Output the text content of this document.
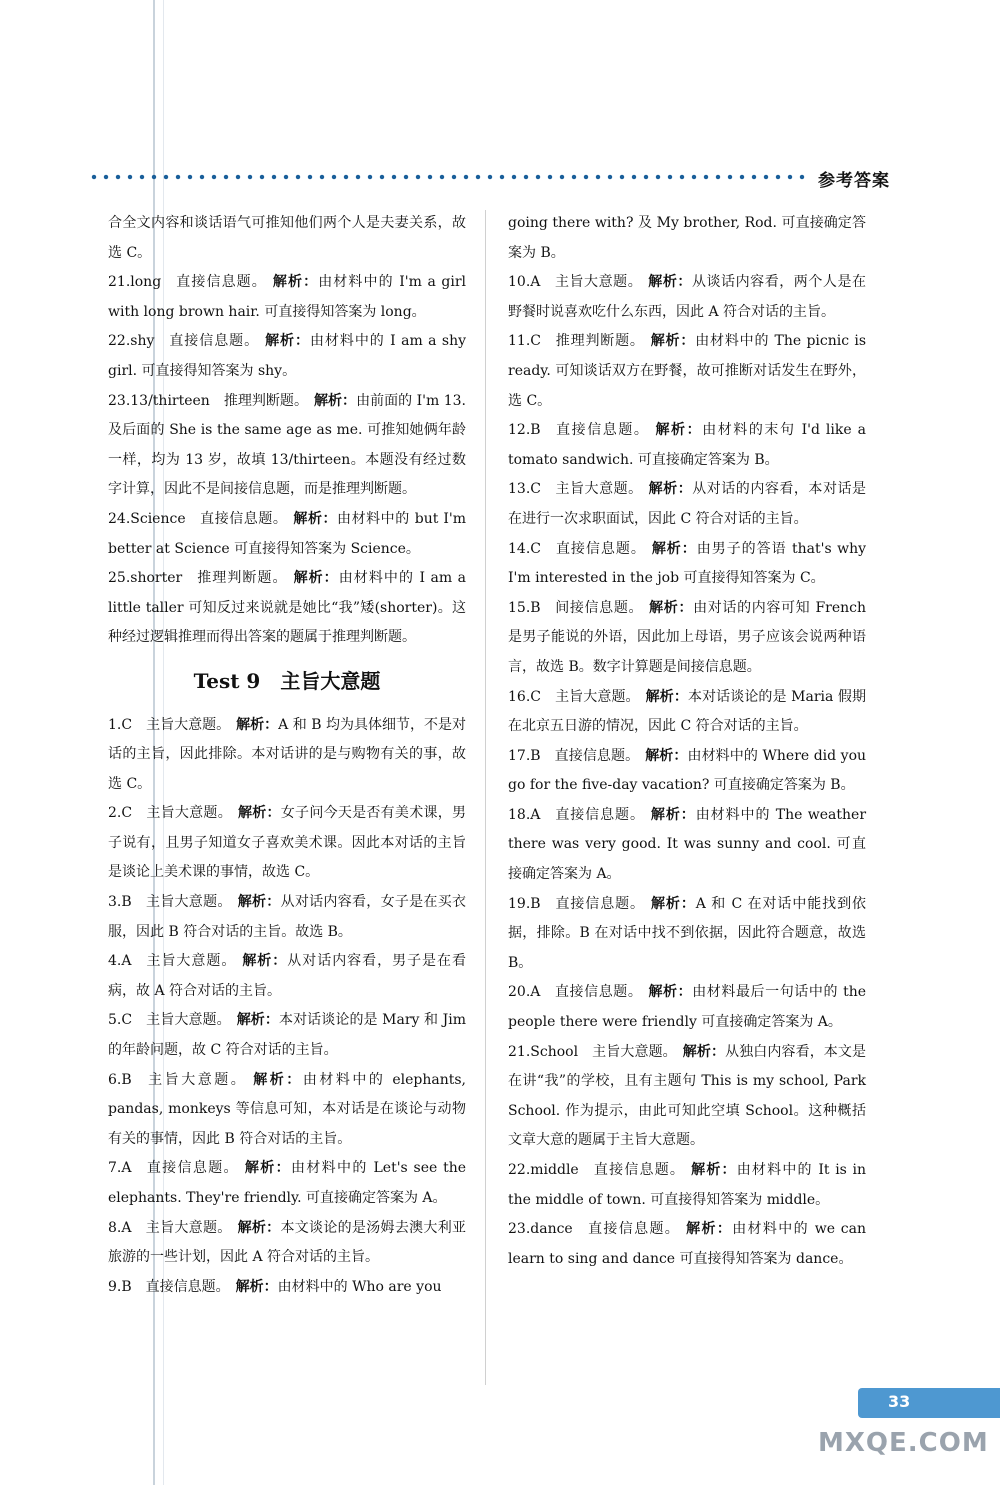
参考答案

合全文内容和谈话语气可推知他们两个人是夫妻关系，故选 C。

21.long 直接信息题。 解析：由材料中的 I'm a girl with long brown hair. 可直接得知答案为 long。

22.shy 直接信息题。 解析：由材料中的 I am a shy girl. 可直接得知答案为 shy。

23.13/thirteen 推理判断题。 解析：由前面的 I'm 13. 及后面的 She is the same age as me. 可推知她俩年龄一样，均为 13 岁，故填 13/thirteen。本题没有经过数字计算，因此不是间接信息题，而是推理判断题。

24.Science 直接信息题。 解析：由材料中的 but I'm better at Science 可直接得知答案为 Science。

25.shorter 推理判断题。 解析：由材料中的 I am a little taller 可知反过来说就是她比“我”矮(shorter)。这种经过逻辑推理而得出答案的题属于推理判断题。

Test 9　主旨大意题

1.C 主旨大意题。 解析：A 和 B 均为具体细节，不是对话的主旨，因此排除。本对话讲的是与购物有关的事，故选 C。

2.C 主旨大意题。 解析：女子问今天是否有美术课，男子说有，且男子知道女子喜欢美术课。因此本对话的主旨是谈论上美术课的事情，故选 C。

3.B 主旨大意题。 解析：从对话内容看，女子是在买衣服，因此 B 符合对话的主旨。故选 B。

4.A 主旨大意题。 解析：从对话内容看，男子是在看病，故 A 符合对话的主旨。

5.C 主旨大意题。 解析：本对话谈论的是 Mary 和 Jim 的年龄问题，故 C 符合对话的主旨。

6.B 主旨大意题。 解析：由材料中的 elephants, pandas, monkeys 等信息可知，本对话是在谈论与动物有关的事情，因此 B 符合对话的主旨。

7.A 直接信息题。 解析：由材料中的 Let's see the elephants. They're friendly. 可直接确定答案为 A。

8.A 主旨大意题。 解析：本文谈论的是汤姆去澳大利亚旅游的一些计划，因此 A 符合对话的主旨。

9.B 直接信息题。 解析：由材料中的 Who are you

going there with? 及 My brother, Rod. 可直接确定答案为 B。

10.A 主旨大意题。 解析：从谈话内容看，两个人是在野餐时说喜欢吃什么东西，因此 A 符合对话的主旨。

11.C 推理判断题。 解析：由材料中的 The picnic is ready. 可知谈话双方在野餐，故可推断对话发生在野外，选 C。

12.B 直接信息题。 解析：由材料的末句 I'd like a tomato sandwich. 可直接确定答案为 B。

13.C 主旨大意题。 解析：从对话的内容看，本对话是在进行一次求职面试，因此 C 符合对话的主旨。

14.C 直接信息题。 解析：由男子的答语 that's why I'm interested in the job 可直接得知答案为 C。

15.B 间接信息题。 解析：由对话的内容可知 French 是男子能说的外语，因此加上母语，男子应该会说两种语言，故选 B。数字计算题是间接信息题。

16.C 主旨大意题。 解析：本对话谈论的是 Maria 假期在北京五日游的情况，因此 C 符合对话的主旨。

17.B 直接信息题。 解析：由材料中的 Where did you go for the five-day vacation? 可直接确定答案为 B。

18.A 直接信息题。 解析：由材料中的 The weather there was very good. It was sunny and cool. 可直接确定答案为 A。

19.B 直接信息题。 解析：A 和 C 在对话中能找到依据，排除。B 在对话中找不到依据，因此符合题意，故选 B。

20.A 直接信息题。 解析：由材料最后一句话中的 the people there were friendly 可直接确定答案为 A。

21.School 主旨大意题。 解析：从独白内容看，本文是在讲“我”的学校，且有主题句 This is my school, Park School. 作为提示，由此可知此空填 School。这种概括文章大意的题属于主旨大意题。

22.middle 直接信息题。 解析：由材料中的 It is in the middle of town. 可直接得知答案为 middle。

23.dance 直接信息题。 解析：由材料中的 we can learn to sing and dance 可直接得知答案为 dance。

33
MXQE.COM
